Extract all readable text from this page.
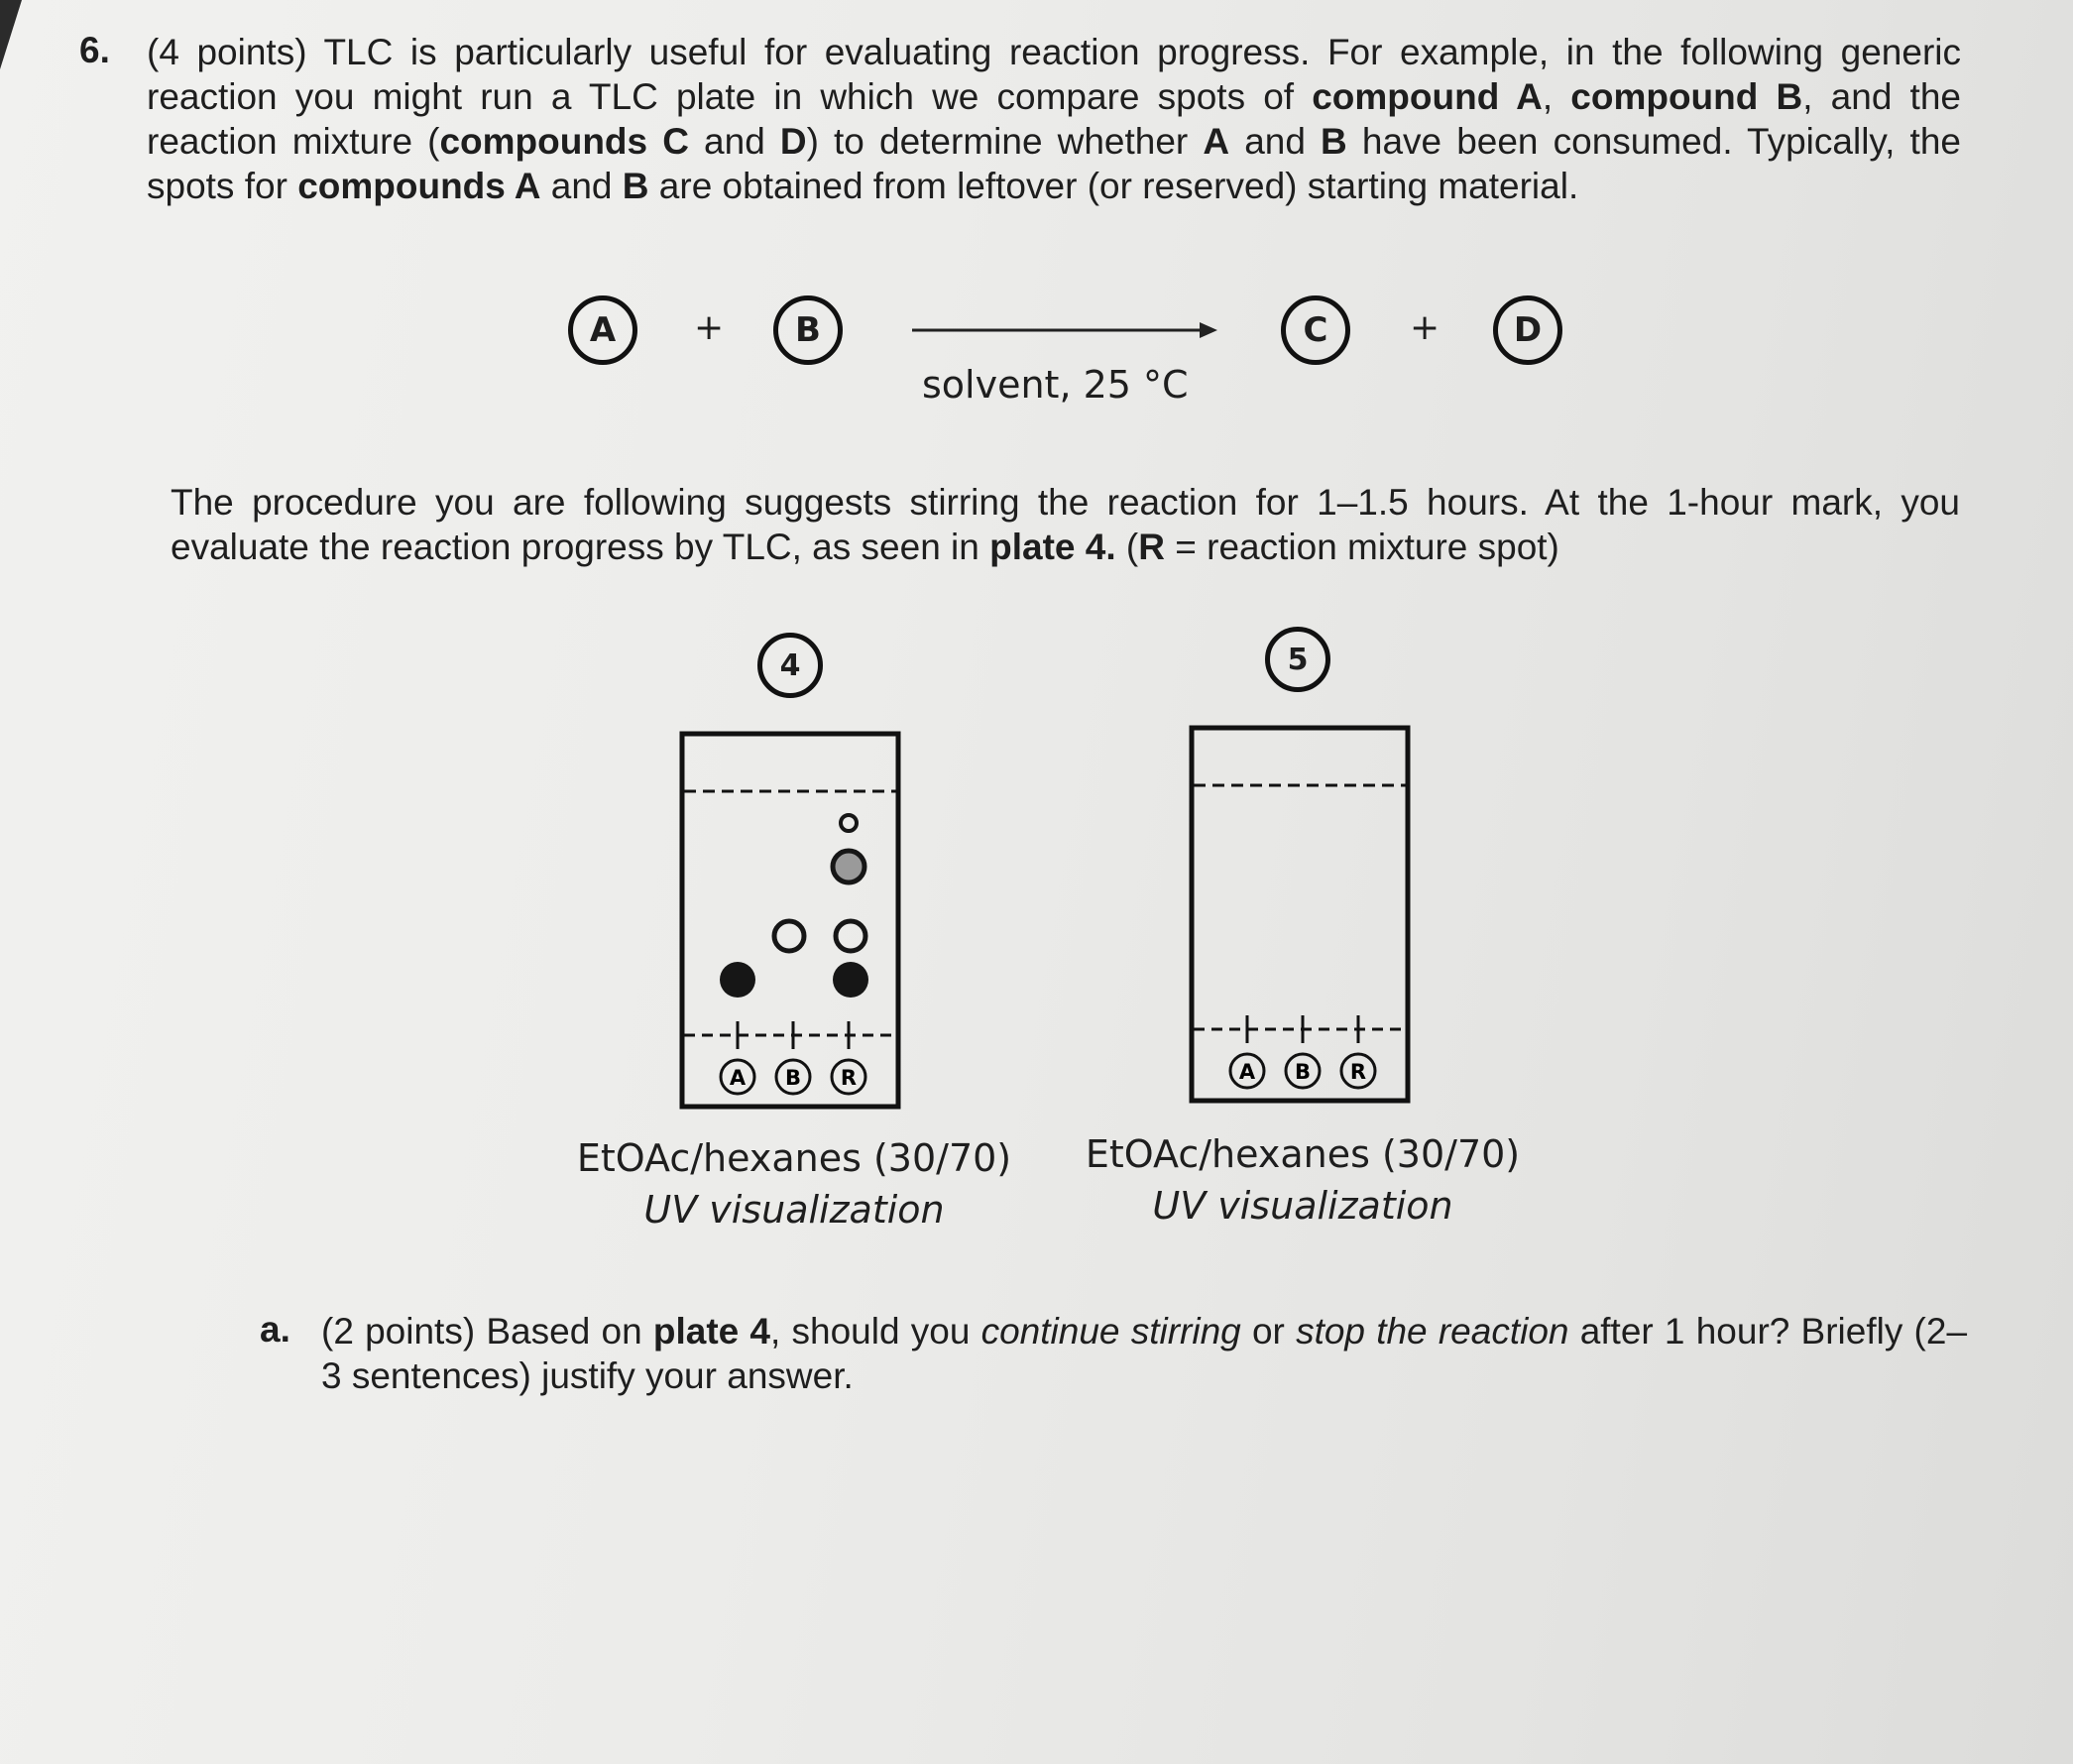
6. (4 points) TLC is particularly useful for evaluating reaction progress. For example, in the following generic reaction you might run a TLC plate in which we compare spots of compound A, compound B, and the reaction mixture (compounds C and D) to determine whether A and B have been consumed. Typically, the spots for compounds A and B are obtained from leftover (or reserved) starting material.

A	+	B
solvent, 25 °C
C	+	D

The procedure you are following suggests stirring the reaction for 1–1.5 hours. At the 1-hour mark, you evaluate the reaction progress by TLC, as seen in plate 4. (R = reaction mixture spot)

4
A B R
EtOAc/hexanes (30/70)
UV visualization
5
A B R
EtOAc/hexanes (30/70)
UV visualization
a. (2 points) Based on plate 4, should you continue stirring or stop the reaction after 1 hour? Briefly (2–3 sentences) justify your answer.
